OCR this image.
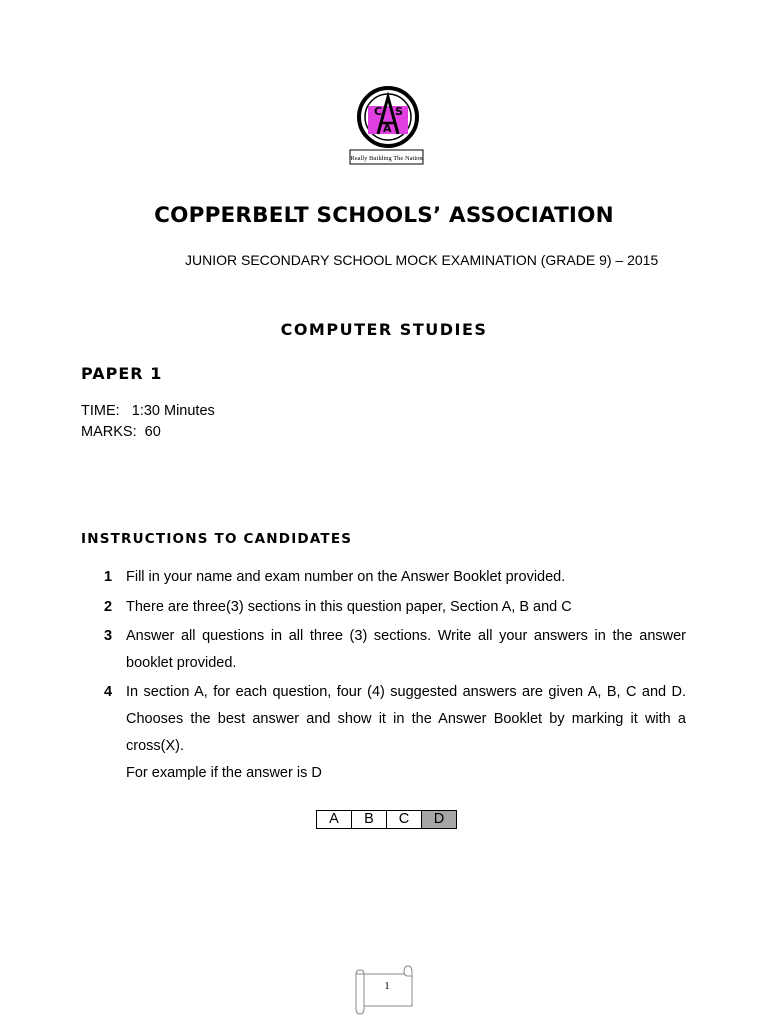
C S
A
Really Building The Nation
COPPERBELT SCHOOLS’ ASSOCIATION
JUNIOR SECONDARY SCHOOL MOCK EXAMINATION (GRADE 9) – 2015
COMPUTER STUDIES
PAPER 1
TIME:   1:30 Minutes
MARKS:  60
INSTRUCTIONS TO CANDIDATES
1 Fill in your name and exam number on the Answer Booklet provided.
2 There are three(3) sections in this question paper, Section A, B and C
3 Answer all questions in all three (3) sections. Write all your answers in the answer booklet provided.
4 In section A, for each question, four (4) suggested answers are given A, B, C and D. Chooses the best answer and show it in the Answer Booklet by marking it with a cross(X).
For example if the answer is D
A	B	C	D
1
